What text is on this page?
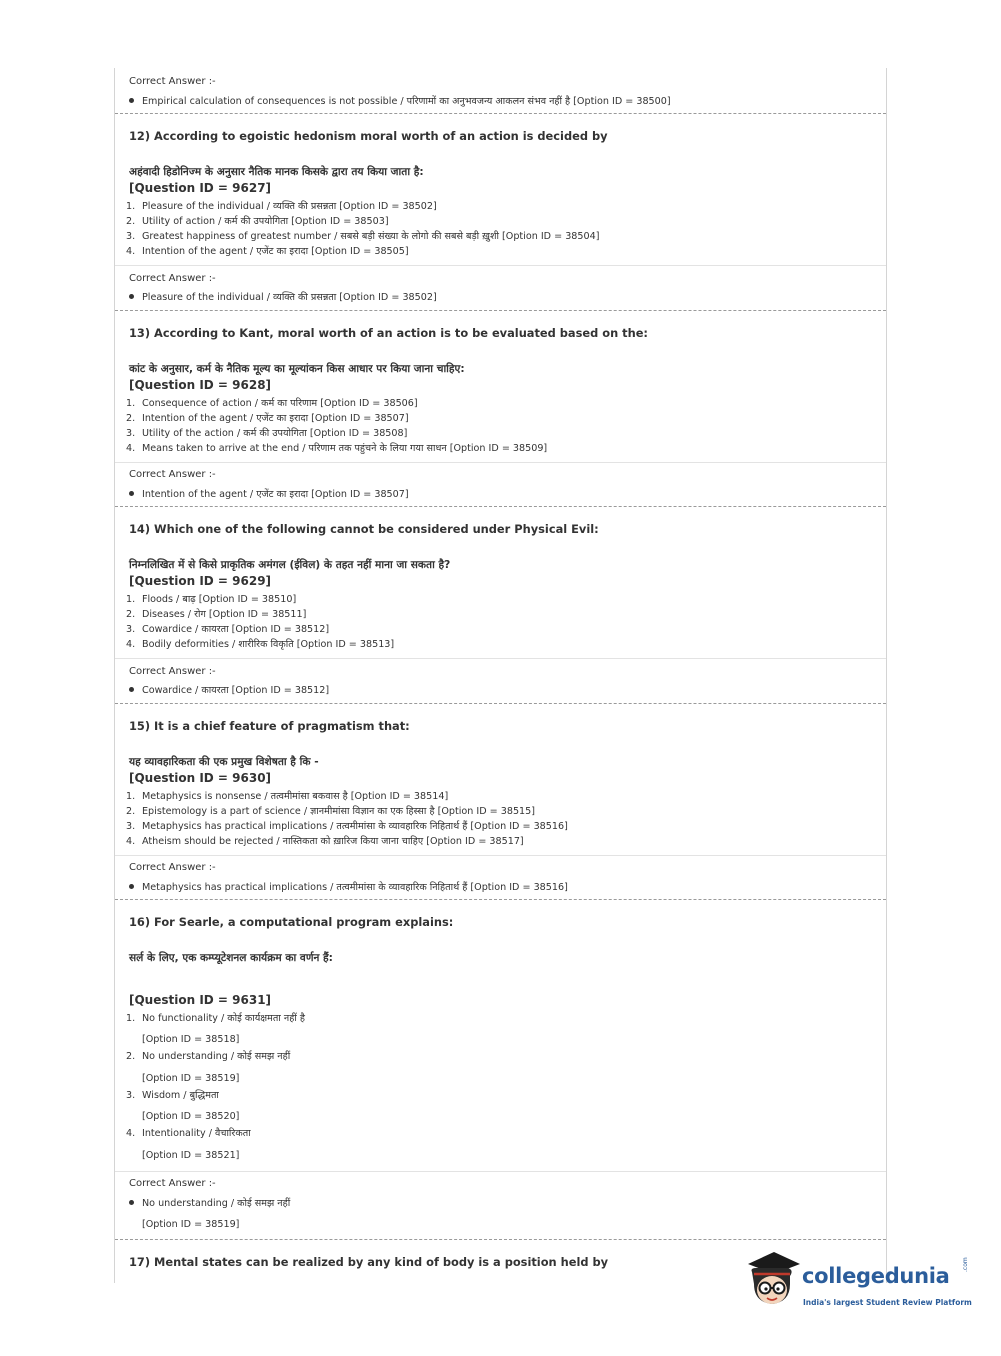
Correct Answer :-
Empirical calculation of consequences is not possible / परिणामों का अनुभवजन्य आकलन संभव नहीं है [Option ID = 38500]
12) According to egoistic hedonism moral worth of an action is decided by
अहंवादी हिडोनिज्म के अनुसार नैतिक मानक किसके द्वारा तय किया जाता है:
[Question ID = 9627]
1. Pleasure of the individual / व्यक्ति की प्रसन्नता [Option ID = 38502]
2. Utility of action / कर्म की उपयोगिता [Option ID = 38503]
3. Greatest happiness of greatest number / सबसे बड़ी संख्या के लोगो की सबसे बड़ी ख़ुशी [Option ID = 38504]
4. Intention of the agent / एजेंट का इरादा [Option ID = 38505]
Correct Answer :-
Pleasure of the individual / व्यक्ति की प्रसन्नता [Option ID = 38502]
13) According to Kant, moral worth of an action is to be evaluated based on the:
कांट के अनुसार, कर्म के नैतिक मूल्य का मूल्यांकन किस आधार पर किया जाना चाहिए:
[Question ID = 9628]
1. Consequence of action / कर्म का परिणाम [Option ID = 38506]
2. Intention of the agent / एजेंट का इरादा [Option ID = 38507]
3. Utility of the action / कर्म की उपयोगिता [Option ID = 38508]
4. Means taken to arrive at the end / परिणाम तक पहुंचने के लिया गया साधन [Option ID = 38509]
Correct Answer :-
Intention of the agent / एजेंट का इरादा [Option ID = 38507]
14) Which one of the following cannot be considered under Physical Evil:
निम्नलिखित में से किसे प्राकृतिक अमंगल (ईविल) के तहत नहीं माना जा सकता है?
[Question ID = 9629]
1. Floods / बाढ़ [Option ID = 38510]
2. Diseases / रोग [Option ID = 38511]
3. Cowardice / कायरता [Option ID = 38512]
4. Bodily deformities / शारीरिक विकृति [Option ID = 38513]
Correct Answer :-
Cowardice / कायरता [Option ID = 38512]
15) It is a chief feature of pragmatism that:
यह व्यावहारिकता की एक प्रमुख विशेषता है कि -
[Question ID = 9630]
1. Metaphysics is nonsense / तत्वमीमांसा बकवास है [Option ID = 38514]
2. Epistemology is a part of science / ज्ञानमीमांसा विज्ञान का एक हिस्सा है [Option ID = 38515]
3. Metaphysics has practical implications / तत्वमीमांसा के व्यावहारिक निहितार्थ हैं [Option ID = 38516]
4. Atheism should be rejected / नास्तिकता को ख़ारिज किया जाना चाहिए [Option ID = 38517]
Correct Answer :-
Metaphysics has practical implications / तत्वमीमांसा के व्यावहारिक निहितार्थ हैं [Option ID = 38516]
16) For Searle, a computational program explains:
सर्ल के लिए, एक कम्प्यूटेशनल कार्यक्रम का वर्णन हैं:
[Question ID = 9631]
1. No functionality / कोई कार्यक्षमता नहीं है
[Option ID = 38518]
2. No understanding / कोई समझ नहीं
[Option ID = 38519]
3. Wisdom / बुद्धिमता
[Option ID = 38520]
4. Intentionality / वैचारिकता
[Option ID = 38521]
Correct Answer :-
No understanding / कोई समझ नहीं
[Option ID = 38519]
17) Mental states can be realized by any kind of body is a position held by
collegedunia .com
India's largest Student Review Platform
